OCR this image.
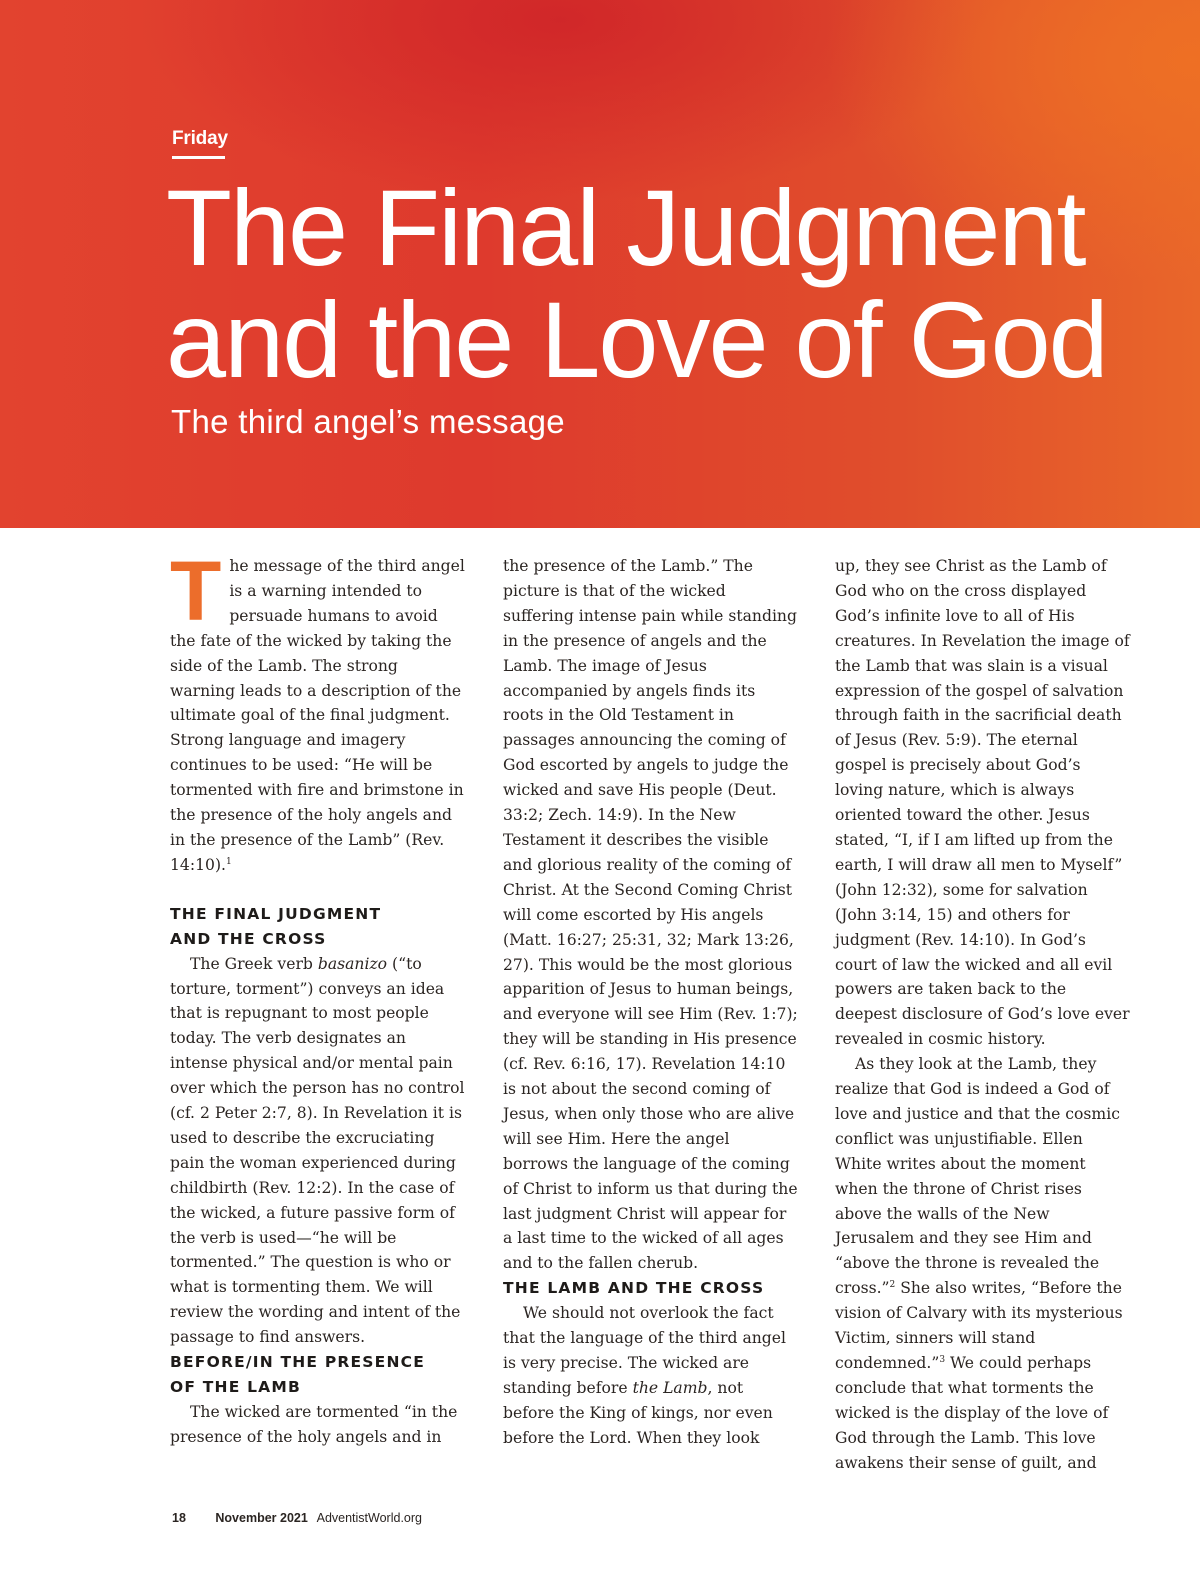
Friday
The Final Judgment
and the Love of God
The third angel’s message

The message of the third angel is a warning intended to persuade humans to avoid the fate of the wicked by taking the side of the Lamb. The strong warning leads to a description of the ultimate goal of the final judgment. Strong language and imagery continues to be used: “He will be tormented with fire and brimstone in the presence of the holy angels and in the presence of the Lamb” (Rev. 14:10).$^1$

THE FINAL JUDGMENT
AND THE CROSS

The Greek verb basanizo (“to torture, torment”) conveys an idea that is repugnant to most people today. The verb designates an intense physical and/or mental pain over which the person has no control (cf. 2 Peter 2:7, 8). In Revelation it is used to describe the excruciating pain the woman experienced during childbirth (Rev. 12:2). In the case of the wicked, a future passive form of the verb is used—“he will be tormented.” The question is who or what is tormenting them. We will review the wording and intent of the passage to find answers.

BEFORE/IN THE PRESENCE
OF THE LAMB

The wicked are tormented “in the presence of the holy angels and in

the presence of the Lamb.” The picture is that of the wicked suffering intense pain while standing in the presence of angels and the Lamb. The image of Jesus accompanied by angels finds its roots in the Old Testament in passages announcing the coming of God escorted by angels to judge the wicked and save His people (Deut. 33:2; Zech. 14:9). In the New Testament it describes the visible and glorious reality of the coming of Christ. At the Second Coming Christ will come escorted by His angels (Matt. 16:27; 25:31, 32; Mark 13:26, 27). This would be the most glorious apparition of Jesus to human beings, and everyone will see Him (Rev. 1:7); they will be standing in His presence (cf. Rev. 6:16, 17). Revelation 14:10 is not about the second coming of Jesus, when only those who are alive will see Him. Here the angel borrows the language of the coming of Christ to inform us that during the last judgment Christ will appear for a last time to the wicked of all ages and to the fallen cherub.

THE LAMB AND THE CROSS

We should not overlook the fact that the language of the third angel is very precise. The wicked are standing before the Lamb, not before the King of kings, nor even before the Lord. When they look

up, they see Christ as the Lamb of God who on the cross displayed God’s infinite love to all of His creatures. In Revelation the image of the Lamb that was slain is a visual expression of the gospel of salvation through faith in the sacrificial death of Jesus (Rev. 5:9). The eternal gospel is precisely about God’s loving nature, which is always oriented toward the other. Jesus stated, “I, if I am lifted up from the earth, I will draw all men to Myself” (John 12:32), some for salvation (John 3:14, 15) and others for judgment (Rev. 14:10). In God’s court of law the wicked and all evil powers are taken back to the deepest disclosure of God’s love ever revealed in cosmic history.

As they look at the Lamb, they realize that God is indeed a God of love and justice and that the cosmic conflict was unjustifiable. Ellen White writes about the moment when the throne of Christ rises above the walls of the New Jerusalem and they see Him and “above the throne is revealed the cross.”$^2$ She also writes, “Before the vision of Calvary with its mysterious Victim, sinners will stand condemned.”$^3$ We could perhaps conclude that what torments the wicked is the display of the love of God through the Lamb. This love awakens their sense of guilt, and

18 November 2021 AdventistWorld.org
